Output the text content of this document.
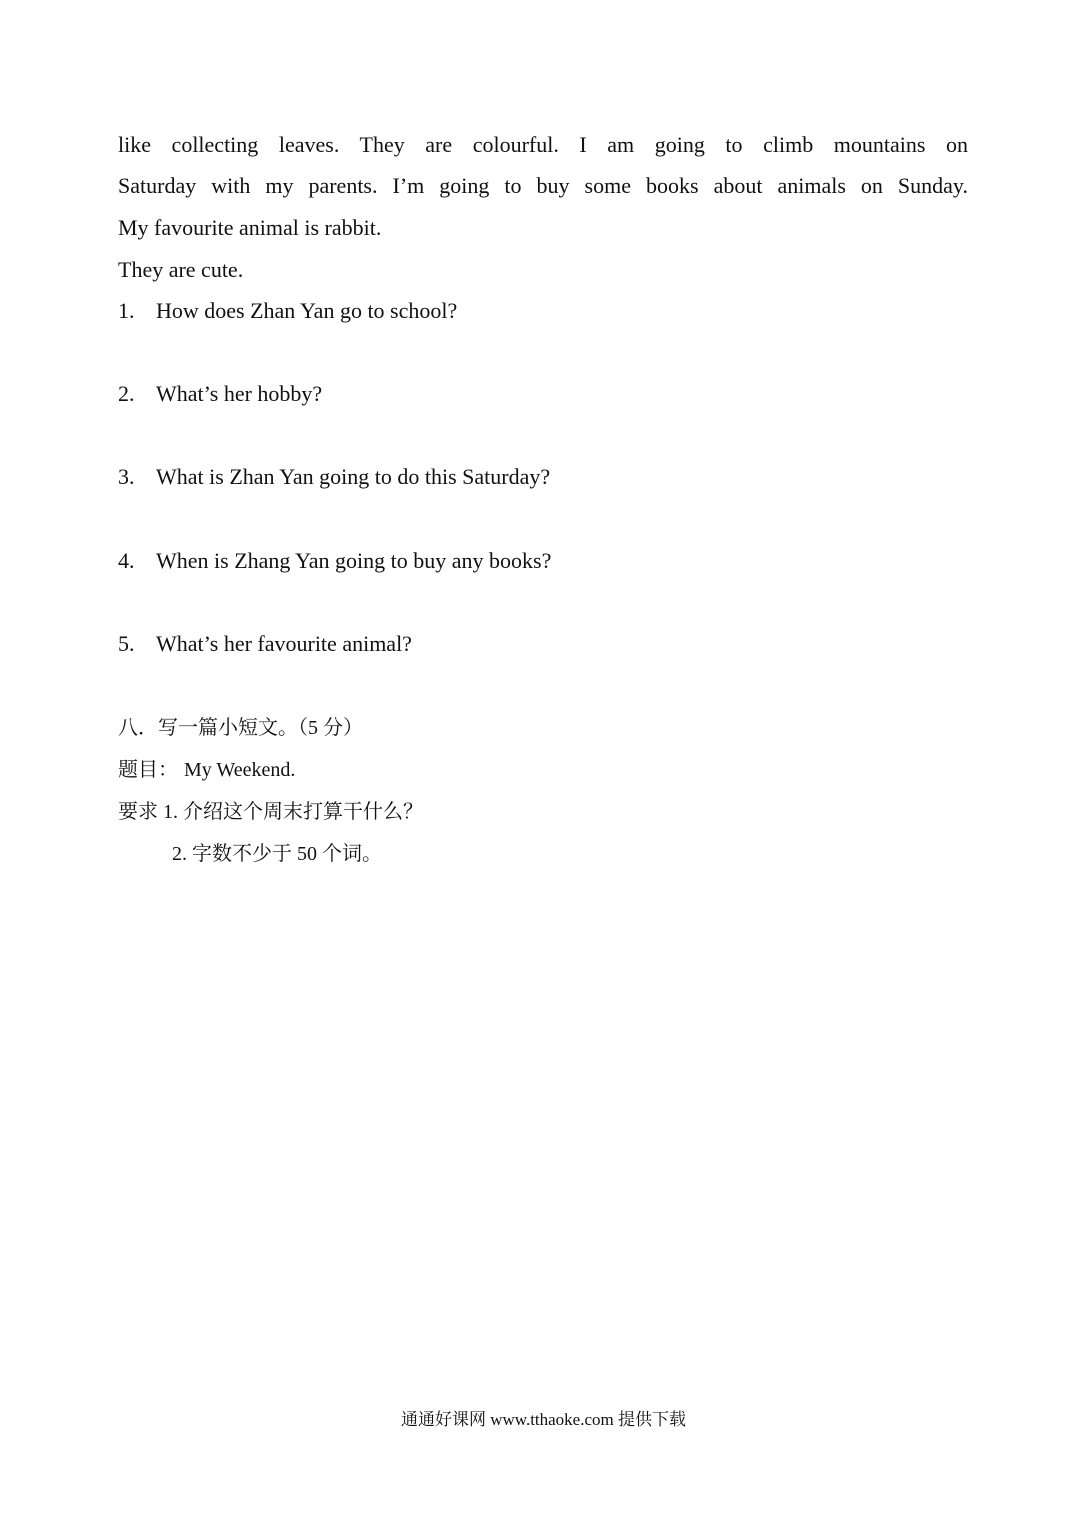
like collecting leaves. They are colourful. I am going to climb mountains on
Saturday with my parents. I’m going to buy some books about animals on Sunday.
My favourite animal is rabbit.
They are cute.
1. How does Zhan Yan go to school?
2. What’s her hobby?
3. What is Zhan Yan going to do this Saturday?
4. When is Zhang Yan going to buy any books?
5. What’s her favourite animal?
八．写一篇小短文。（5 分）
题目： My Weekend.
要求 1. 介绍这个周末打算干什么？
2. 字数不少于 50 个词。
通通好课网 www.tthaoke.com 提供下载
